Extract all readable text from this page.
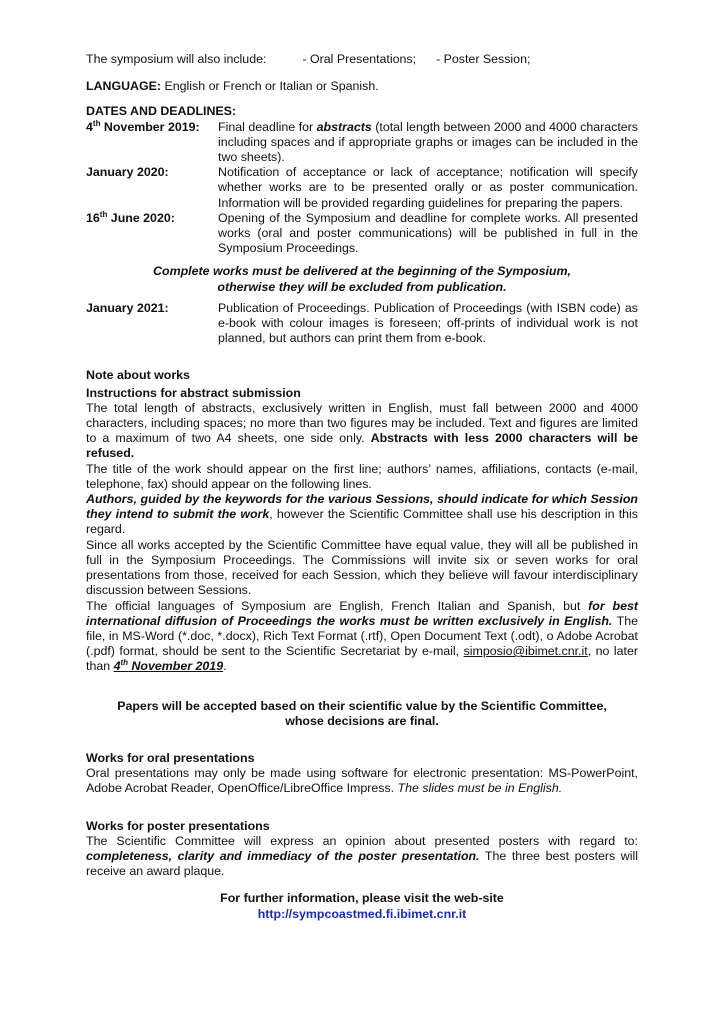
The symposium will also include:	- Oral Presentations; - Poster Session;

LANGUAGE: English or French or Italian or Spanish.

DATES AND DEADLINES:

4th November 2019:	Final deadline for abstracts (total length between 2000 and 4000 characters including spaces and if appropriate graphs or images can be included in the two sheets).
January 2020:	Notification of acceptance or lack of acceptance; notification will specify whether works are to be presented orally or as poster communication. Information will be provided regarding guidelines for preparing the papers.
16th June 2020:	Opening of the Symposium and deadline for complete works. All presented works (oral and poster communications) will be published in full in the Symposium Proceedings.

Complete works must be delivered at the beginning of the Symposium,
otherwise they will be excluded from publication.

January 2021:	Publication of Proceedings. Publication of Proceedings (with ISBN code) as e-book with colour images is foreseen; off-prints of individual work is not planned, but authors can print them from e-book.

Note about works

Instructions for abstract submission

The total length of abstracts, exclusively written in English, must fall between 2000 and 4000 characters, including spaces; no more than two figures may be included. Text and figures are limited to a maximum of two A4 sheets, one side only. Abstracts with less 2000 characters will be refused.

The title of the work should appear on the first line; authors’ names, affiliations, contacts (e-mail, telephone, fax) should appear on the following lines.

Authors, guided by the keywords for the various Sessions, should indicate for which Session they intend to submit the work, however the Scientific Committee shall use his description in this regard.

Since all works accepted by the Scientific Committee have equal value, they will all be published in full in the Symposium Proceedings. The Commissions will invite six or seven works for oral presentations from those, received for each Session, which they believe will favour interdisciplinary discussion between Sessions.

The official languages of Symposium are English, French Italian and Spanish, but for best international diffusion of Proceedings the works must be written exclusively in English. The file, in MS-Word (*.doc, *.docx), Rich Text Format (.rtf), Open Document Text (.odt), o Adobe Acrobat (.pdf) format, should be sent to the Scientific Secretariat by e-mail, simposio@ibimet.cnr.it, no later than 4th November 2019.

Papers will be accepted based on their scientific value by the Scientific Committee,
whose decisions are final.

Works for oral presentations

Oral presentations may only be made using software for electronic presentation: MS-PowerPoint, Adobe Acrobat Reader, OpenOffice/LibreOffice Impress. The slides must be in English.

Works for poster presentations

The Scientific Committee will express an opinion about presented posters with regard to: completeness, clarity and immediacy of the poster presentation. The three best posters will receive an award plaque.

For further information, please visit the web-site

http://sympcoastmed.fi.ibimet.cnr.it
